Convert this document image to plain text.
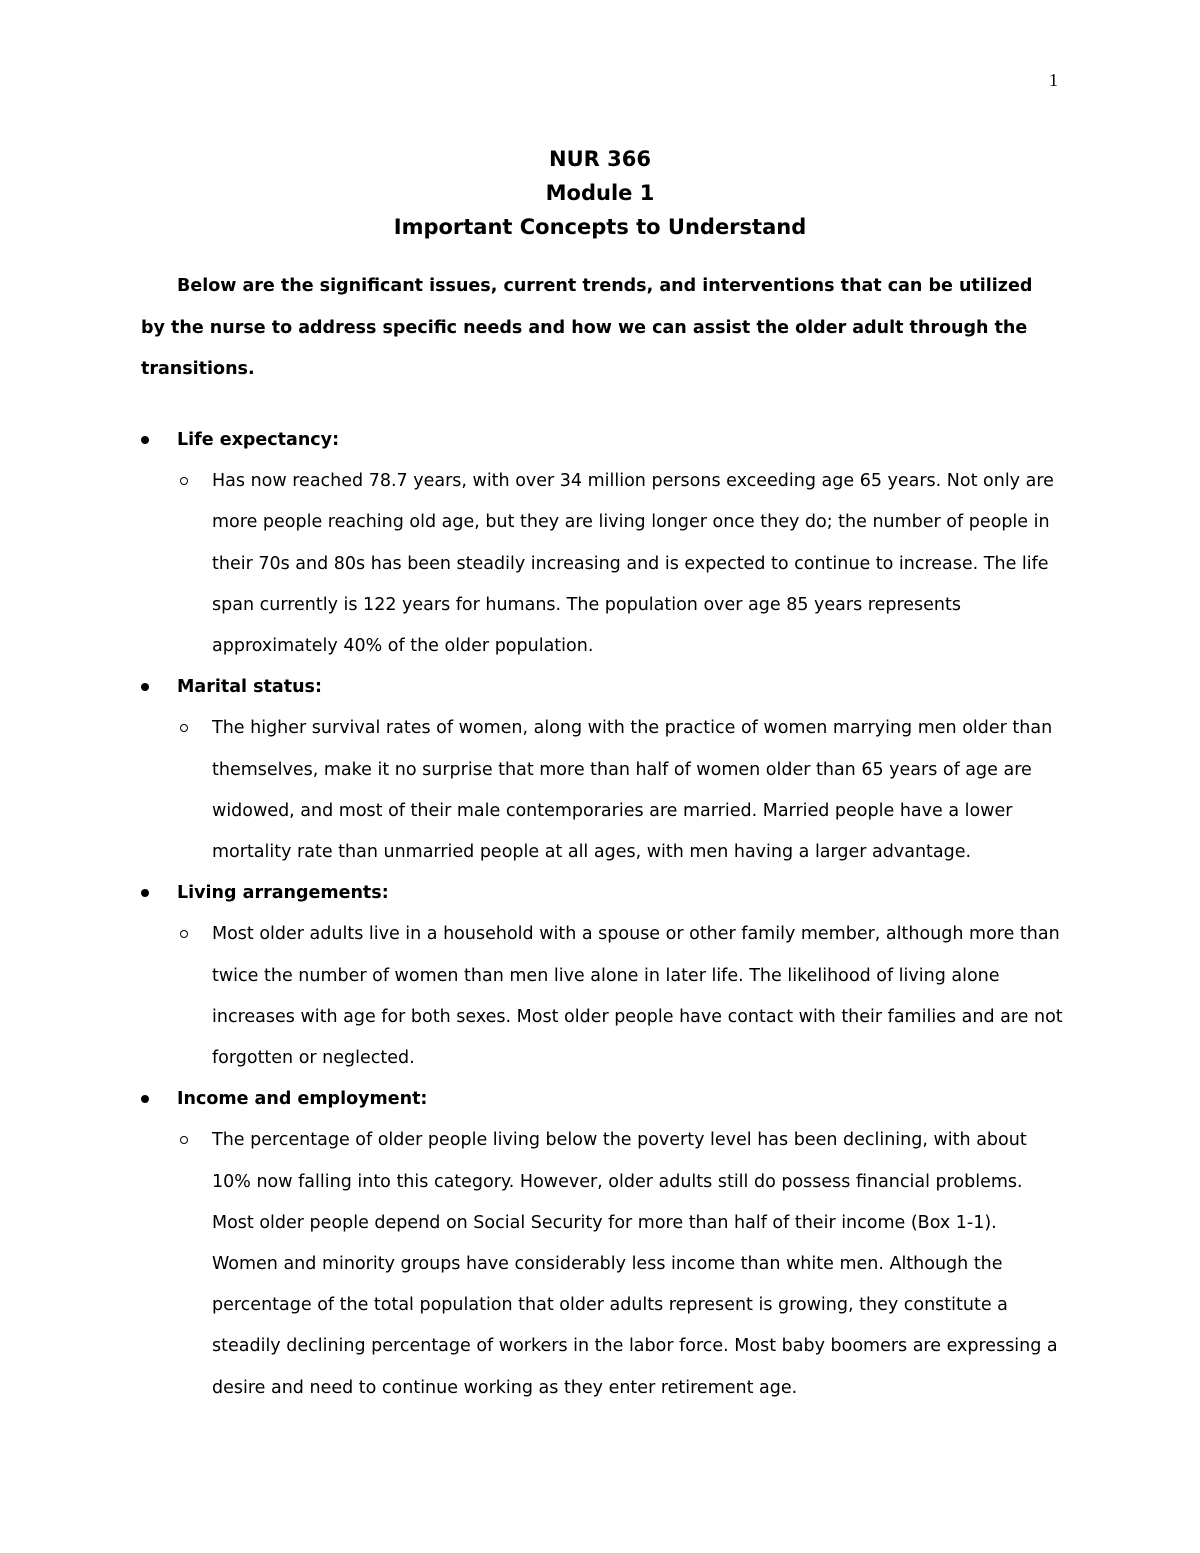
1
NUR 366
Module 1
Important Concepts to Understand

Below are the significant issues, current trends, and interventions that can be utilized by the nurse to address specific needs and how we can assist the older adult through the transitions.

Life expectancy:

Has now reached 78.7 years, with over 34 million persons exceeding age 65 years. Not only are more people reaching old age, but they are living longer once they do; the number of people in their 70s and 80s has been steadily increasing and is expected to continue to increase. The life span currently is 122 years for humans. The population over age 85 years represents approximately 40% of the older population.

Marital status:

The higher survival rates of women, along with the practice of women marrying men older than themselves, make it no surprise that more than half of women older than 65 years of age are widowed, and most of their male contemporaries are married. Married people have a lower mortality rate than unmarried people at all ages, with men having a larger advantage.

Living arrangements:

Most older adults live in a household with a spouse or other family member, although more than twice the number of women than men live alone in later life. The likelihood of living alone increases with age for both sexes. Most older people have contact with their families and are not forgotten or neglected.

Income and employment:

The percentage of older people living below the poverty level has been declining, with about 10% now falling into this category. However, older adults still do possess financial problems. Most older people depend on Social Security for more than half of their income (Box 1-1). Women and minority groups have considerably less income than white men. Although the percentage of the total population that older adults represent is growing, they constitute a steadily declining percentage of workers in the labor force. Most baby boomers are expressing a desire and need to continue working as they enter retirement age.
